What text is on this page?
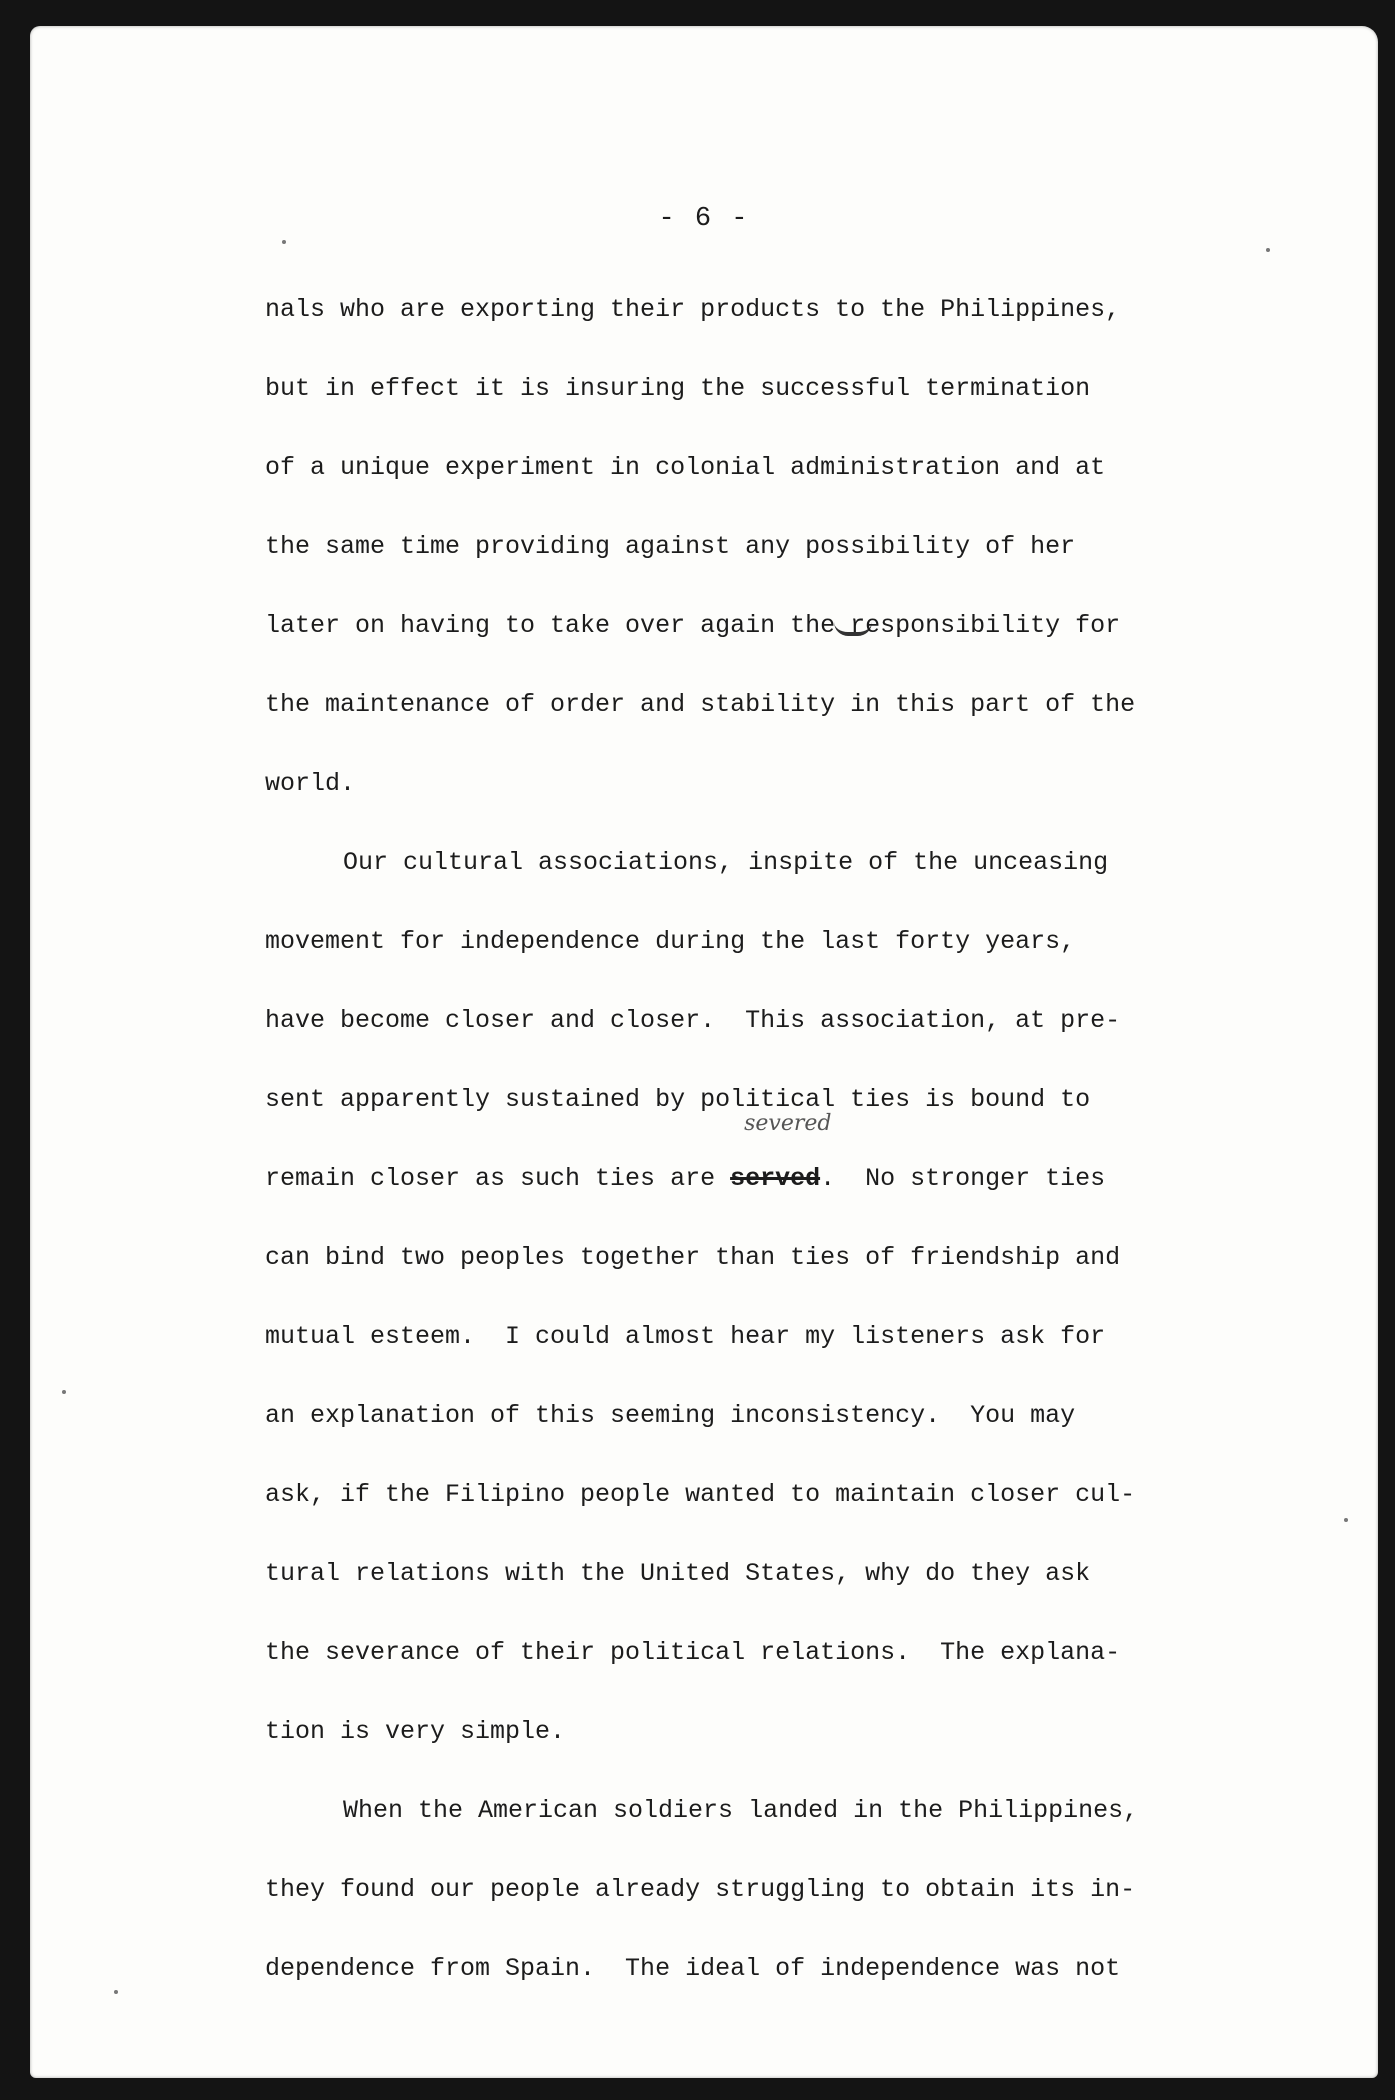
- 6 -

nals who are exporting their products to the Philippines,
but in effect it is insuring the successful termination
of a unique experiment in colonial administration and at
the same time providing against any possibility of her
later on having to take over again the responsibility for
the maintenance of order and stability in this part of the
world.
Our cultural associations, inspite of the unceasing
movement for independence during the last forty years,
have become closer and closer.  This association, at pre-
sent apparently sustained by political ties is bound to
remain closer as such ties are
severed
served.  No stronger ties
can bind two peoples together than ties of friendship and
mutual esteem.  I could almost hear my listeners ask for
an explanation of this seeming inconsistency.  You may
ask, if the Filipino people wanted to maintain closer cul-
tural relations with the United States, why do they ask
the severance of their political relations.  The explana-
tion is very simple.
When the American soldiers landed in the Philippines,
they found our people already struggling to obtain its in-
dependence from Spain.  The ideal of independence was not
